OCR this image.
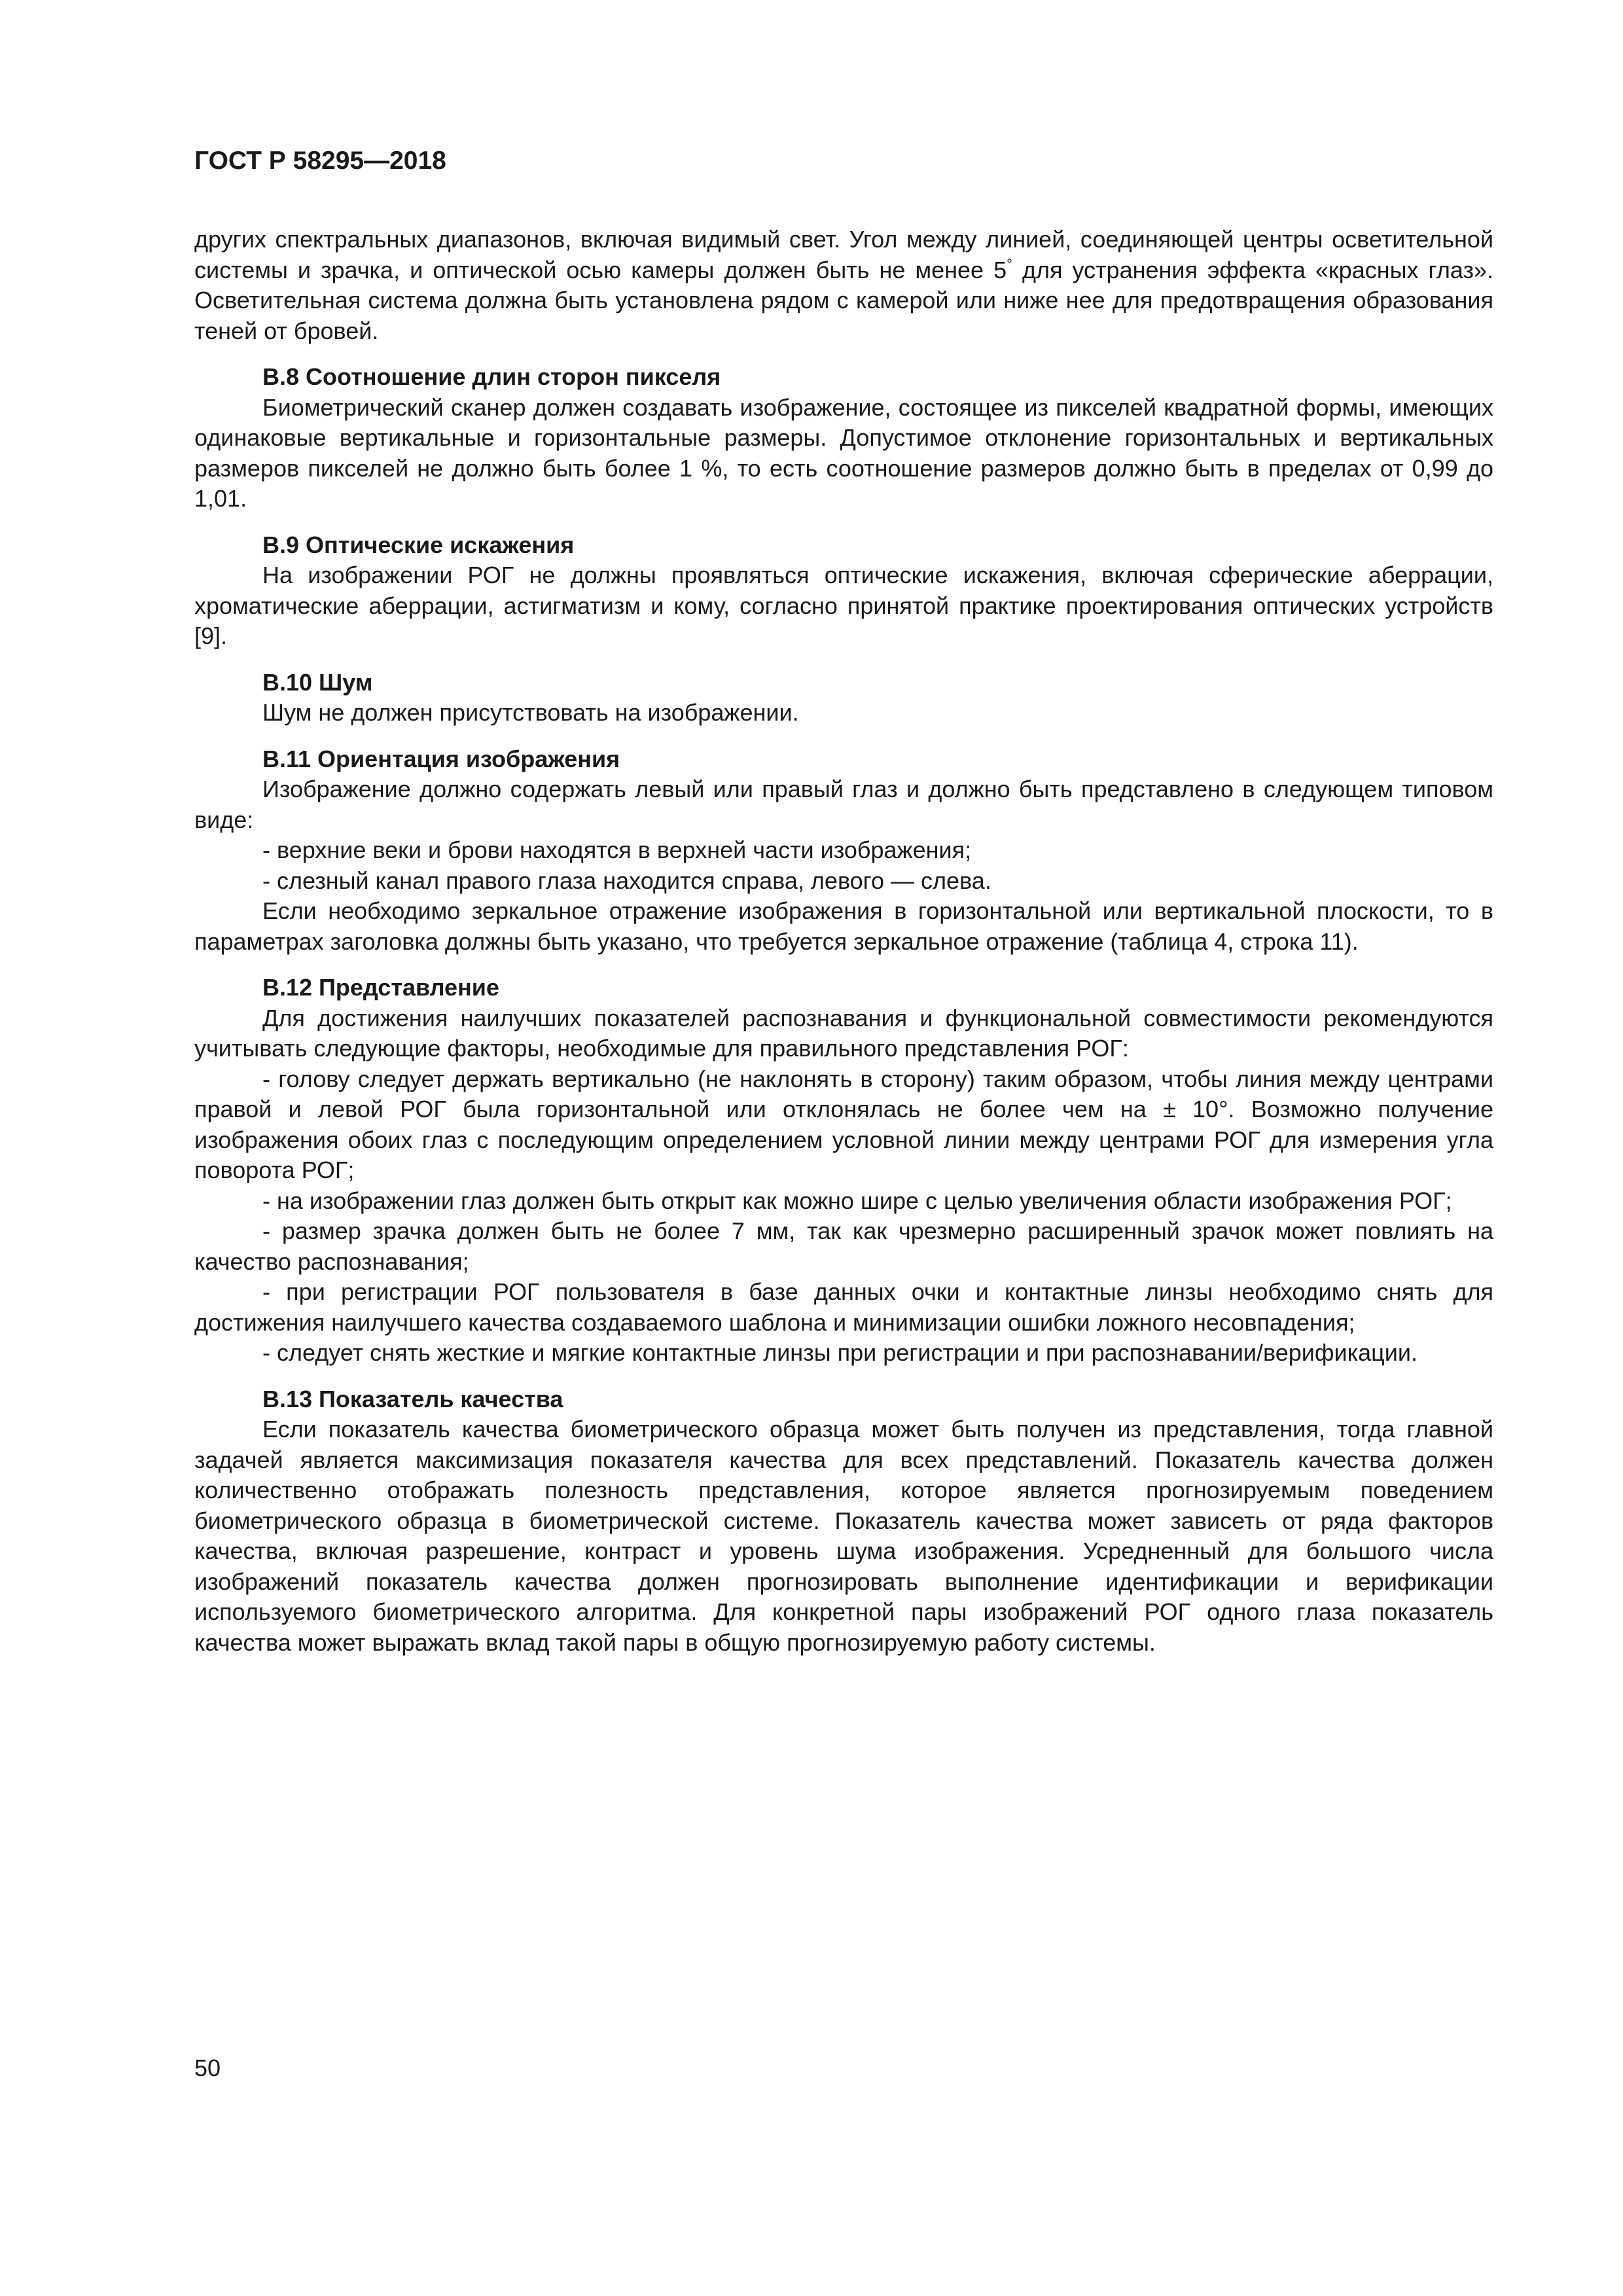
ГОСТ Р 58295—2018

других спектральных диапазонов, включая видимый свет. Угол между линией, соединяющей центры осветительной системы и зрачка, и оптической осью камеры должен быть не менее 5° для устранения эффекта «красных глаз». Осветительная система должна быть установлена рядом с камерой или ниже нее для предотвращения образования теней от бровей.

В.8 Соотношение длин сторон пикселя

Биометрический сканер должен создавать изображение, состоящее из пикселей квадратной формы, имеющих одинаковые вертикальные и горизонтальные размеры. Допустимое отклонение горизонтальных и вертикальных размеров пикселей не должно быть более 1 %, то есть соотношение размеров должно быть в пределах от 0,99 до 1,01.

В.9 Оптические искажения

На изображении РОГ не должны проявляться оптические искажения, включая сферические аберрации, хроматические аберрации, астигматизм и кому, согласно принятой практике проектирования оптических устройств [9].

В.10 Шум

Шум не должен присутствовать на изображении.

В.11 Ориентация изображения

Изображение должно содержать левый или правый глаз и должно быть представлено в следующем типовом виде:

- верхние веки и брови находятся в верхней части изображения;

- слезный канал правого глаза находится справа, левого — слева.

Если необходимо зеркальное отражение изображения в горизонтальной или вертикальной плоскости, то в параметрах заголовка должны быть указано, что требуется зеркальное отражение (таблица 4, строка 11).

В.12 Представление

Для достижения наилучших показателей распознавания и функциональной совместимости рекомендуются учитывать следующие факторы, необходимые для правильного представления РОГ:

- голову следует держать вертикально (не наклонять в сторону) таким образом, чтобы линия между центрами правой и левой РОГ была горизонтальной или отклонялась не более чем на ± 10°. Возможно получение изображения обоих глаз с последующим определением условной линии между центрами РОГ для измерения угла поворота РОГ;

- на изображении глаз должен быть открыт как можно шире с целью увеличения области изображения РОГ;

- размер зрачка должен быть не более 7 мм, так как чрезмерно расширенный зрачок может повлиять на качество распознавания;

- при регистрации РОГ пользователя в базе данных очки и контактные линзы необходимо снять для достижения наилучшего качества создаваемого шаблона и минимизации ошибки ложного несовпадения;

- следует снять жесткие и мягкие контактные линзы при регистрации и при распознавании/верификации.

В.13 Показатель качества

Если показатель качества биометрического образца может быть получен из представления, тогда главной задачей является максимизация показателя качества для всех представлений. Показатель качества должен количественно отображать полезность представления, которое является прогнозируемым поведением биометрического образца в биометрической системе. Показатель качества может зависеть от ряда факторов качества, включая разрешение, контраст и уровень шума изображения. Усредненный для большого числа изображений показатель качества должен прогнозировать выполнение идентификации и верификации используемого биометрического алгоритма. Для конкретной пары изображений РОГ одного глаза показатель качества может выражать вклад такой пары в общую прогнозируемую работу системы.

50
